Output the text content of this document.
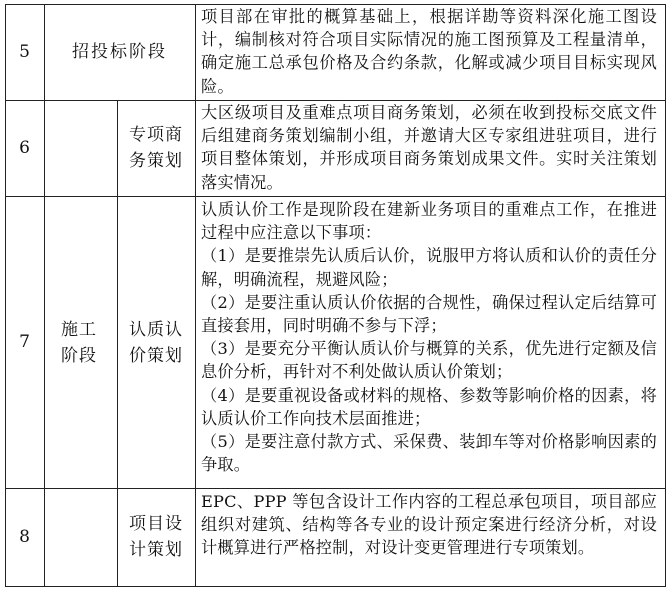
5	招投标阶段

项目部在审批的概算基础上，根据详勘等资料深化施工图设计，编制核对符合项目实际情况的施工图预算及工程量清单，确定施工总承包价格及合约条款，化解或减少项目目标实现风险。

6
专项商务策划

大区级项目及重难点项目商务策划，必须在收到投标交底文件后组建商务策划编制小组，并邀请大区专家组进驻项目，进行项目整体策划，并形成项目商务策划成果文件。实时关注策划落实情况。

施工阶段
7
认质认价策划

认质认价工作是现阶段在建新业务项目的重难点工作，在推进过程中应注意以下事项：

（1）是要推崇先认质后认价，说服甲方将认质和认价的责任分解，明确流程，规避风险；

（2）是要注重认质认价依据的合规性，确保过程认定后结算可直接套用，同时明确不参与下浮；

（3）是要充分平衡认质认价与概算的关系，优先进行定额及信息价分析，再针对不利处做认质认价策划；

（4）是要重视设备或材料的规格、参数等影响价格的因素，将认质认价工作向技术层面推进；

（5）是要注意付款方式、采保费、装卸车等对价格影响因素的争取。

8
项目设计策划

EPC、PPP 等包含设计工作内容的工程总承包项目，项目部应组织对建筑、结构等各专业的设计预定案进行经济分析，对设计概算进行严格控制，对设计变更管理进行专项策划。
